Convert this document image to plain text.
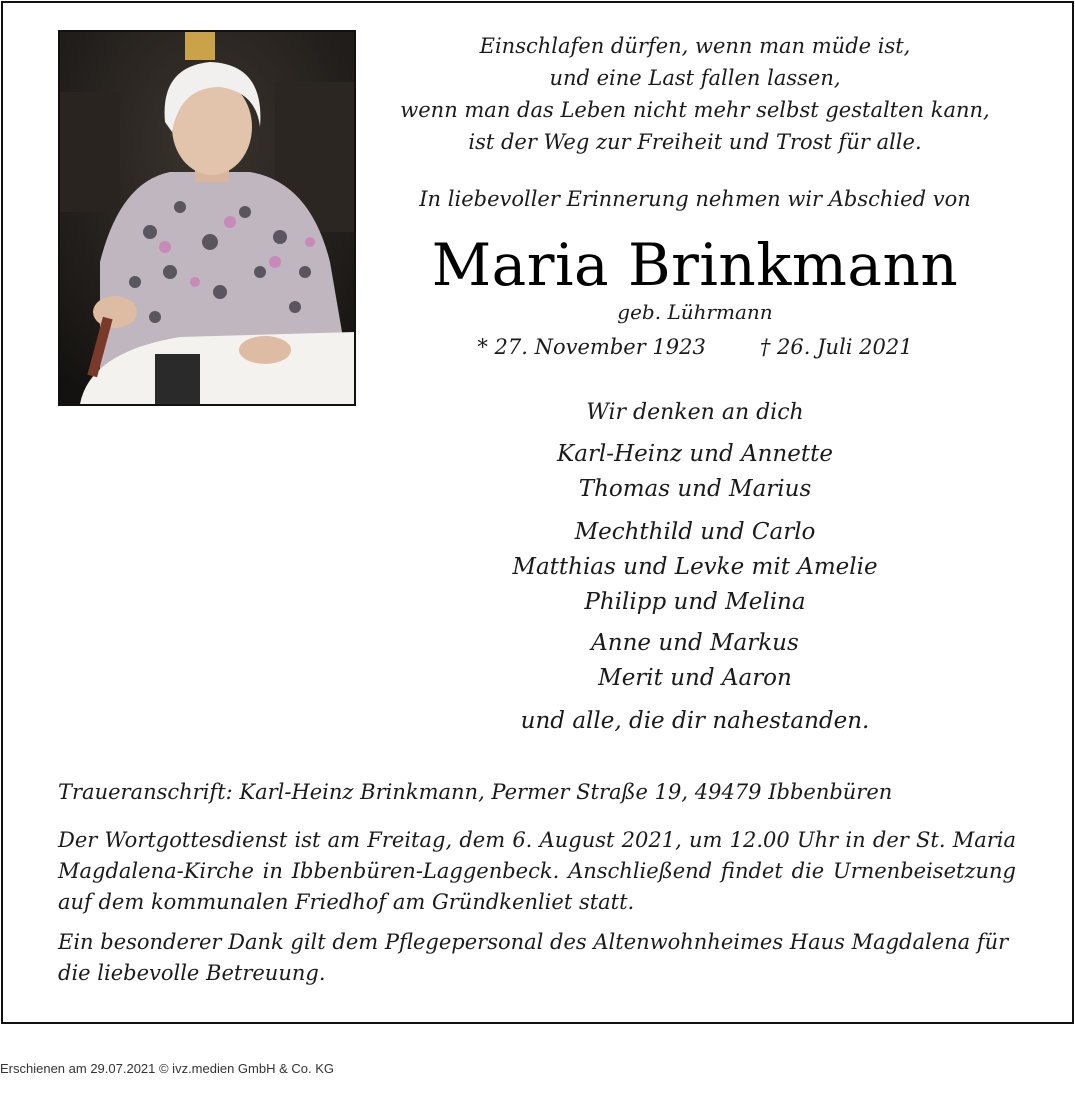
Einschlafen dürfen, wenn man müde ist,
und eine Last fallen lassen,
wenn man das Leben nicht mehr selbst gestalten kann,
ist der Weg zur Freiheit und Trost für alle.
In liebevoller Erinnerung nehmen wir Abschied von
Maria Brinkmann
geb. Lührmann
* 27. November 1923	† 26. Juli 2021
Wir denken an dich
Karl-Heinz und Annette
Thomas und Marius
Mechthild und Carlo
Matthias und Levke mit Amelie
Philipp und Melina
Anne und Markus
Merit und Aaron
und alle, die dir nahestanden.
Traueranschrift: Karl-Heinz Brinkmann, Permer Straße 19, 49479 Ibbenbüren
Der Wortgottesdienst ist am Freitag, dem 6. August 2021, um 12.00 Uhr in der St. Maria Magdalena-Kirche in Ibbenbüren-Laggenbeck. Anschließend findet die Urnenbeisetzung auf dem kommunalen Friedhof am Gründkenliet statt.
Ein besonderer Dank gilt dem Pflegepersonal des Altenwohnheimes Haus Magdalena für die liebevolle Betreuung.
Erschienen am 29.07.2021 © ivz.medien GmbH & Co. KG
